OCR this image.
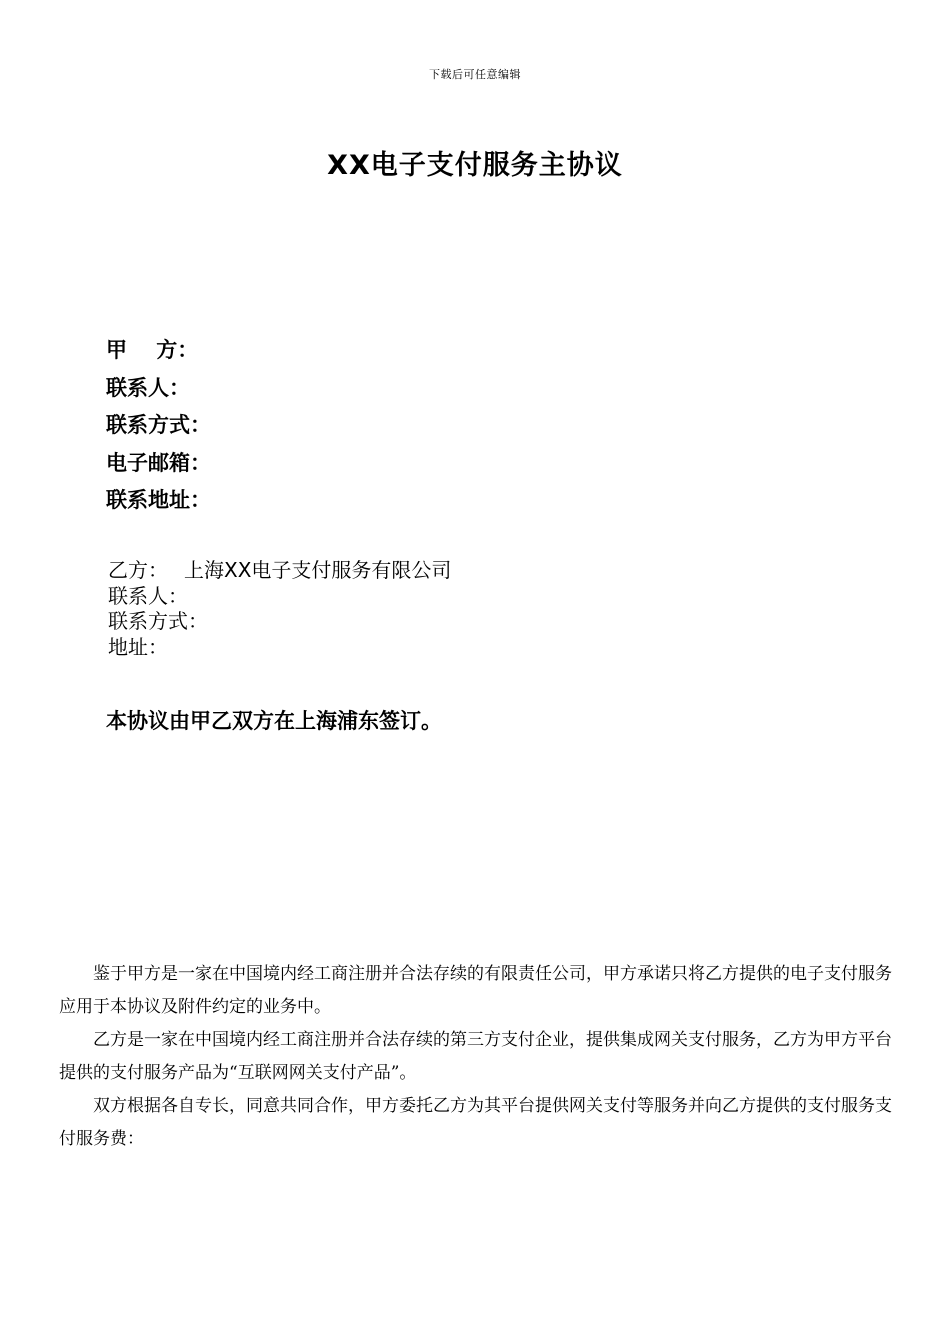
下载后可任意编辑
XX电子支付服务主协议
甲    方：
联系人：
联系方式：
电子邮箱：
联系地址：
乙方： 上海XX电子支付服务有限公司
联系人：
联系方式：
地址：
本协议由甲乙双方在上海浦东签订。

鉴于甲方是一家在中国境内经工商注册并合法存续的有限责任公司，甲方承诺只将乙方提供的电子支付服务应用于本协议及附件约定的业务中。

乙方是一家在中国境内经工商注册并合法存续的第三方支付企业，提供集成网关支付服务，乙方为甲方平台提供的支付服务产品为“互联网网关支付产品”。

双方根据各自专长，同意共同合作，甲方委托乙方为其平台提供网关支付等服务并向乙方提供的支付服务支付服务费：
